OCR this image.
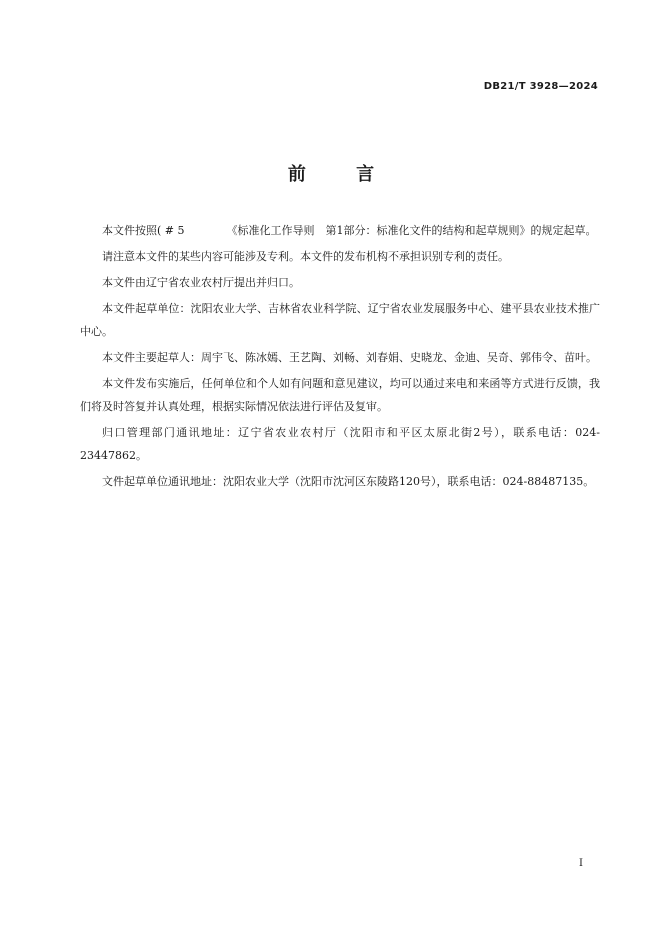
DB21/T 3928—2024
前 言

本文件按照( # 5 　　　　《标准化工作导则　第1部分：标准化文件的结构和起草规则》的规定起草。

请注意本文件的某些内容可能涉及专利。本文件的发布机构不承担识别专利的责任。

本文件由辽宁省农业农村厅提出并归口。

本文件起草单位：沈阳农业大学、吉林省农业科学院、辽宁省农业发展服务中心、建平县农业技术推广中心。

本文件主要起草人：周宇飞、陈冰嫣、王艺陶、刘畅、刘春娟、史晓龙、金迪、吴奇、郭伟令、苗叶。

本文件发布实施后，任何单位和个人如有问题和意见建议，均可以通过来电和来函等方式进行反馈，我们将及时答复并认真处理，根据实际情况依法进行评估及复审。

归口管理部门通讯地址：辽宁省农业农村厅（沈阳市和平区太原北街2号），联系电话：024-23447862。

文件起草单位通讯地址：沈阳农业大学（沈阳市沈河区东陵路120号），联系电话：024-88487135。

I
